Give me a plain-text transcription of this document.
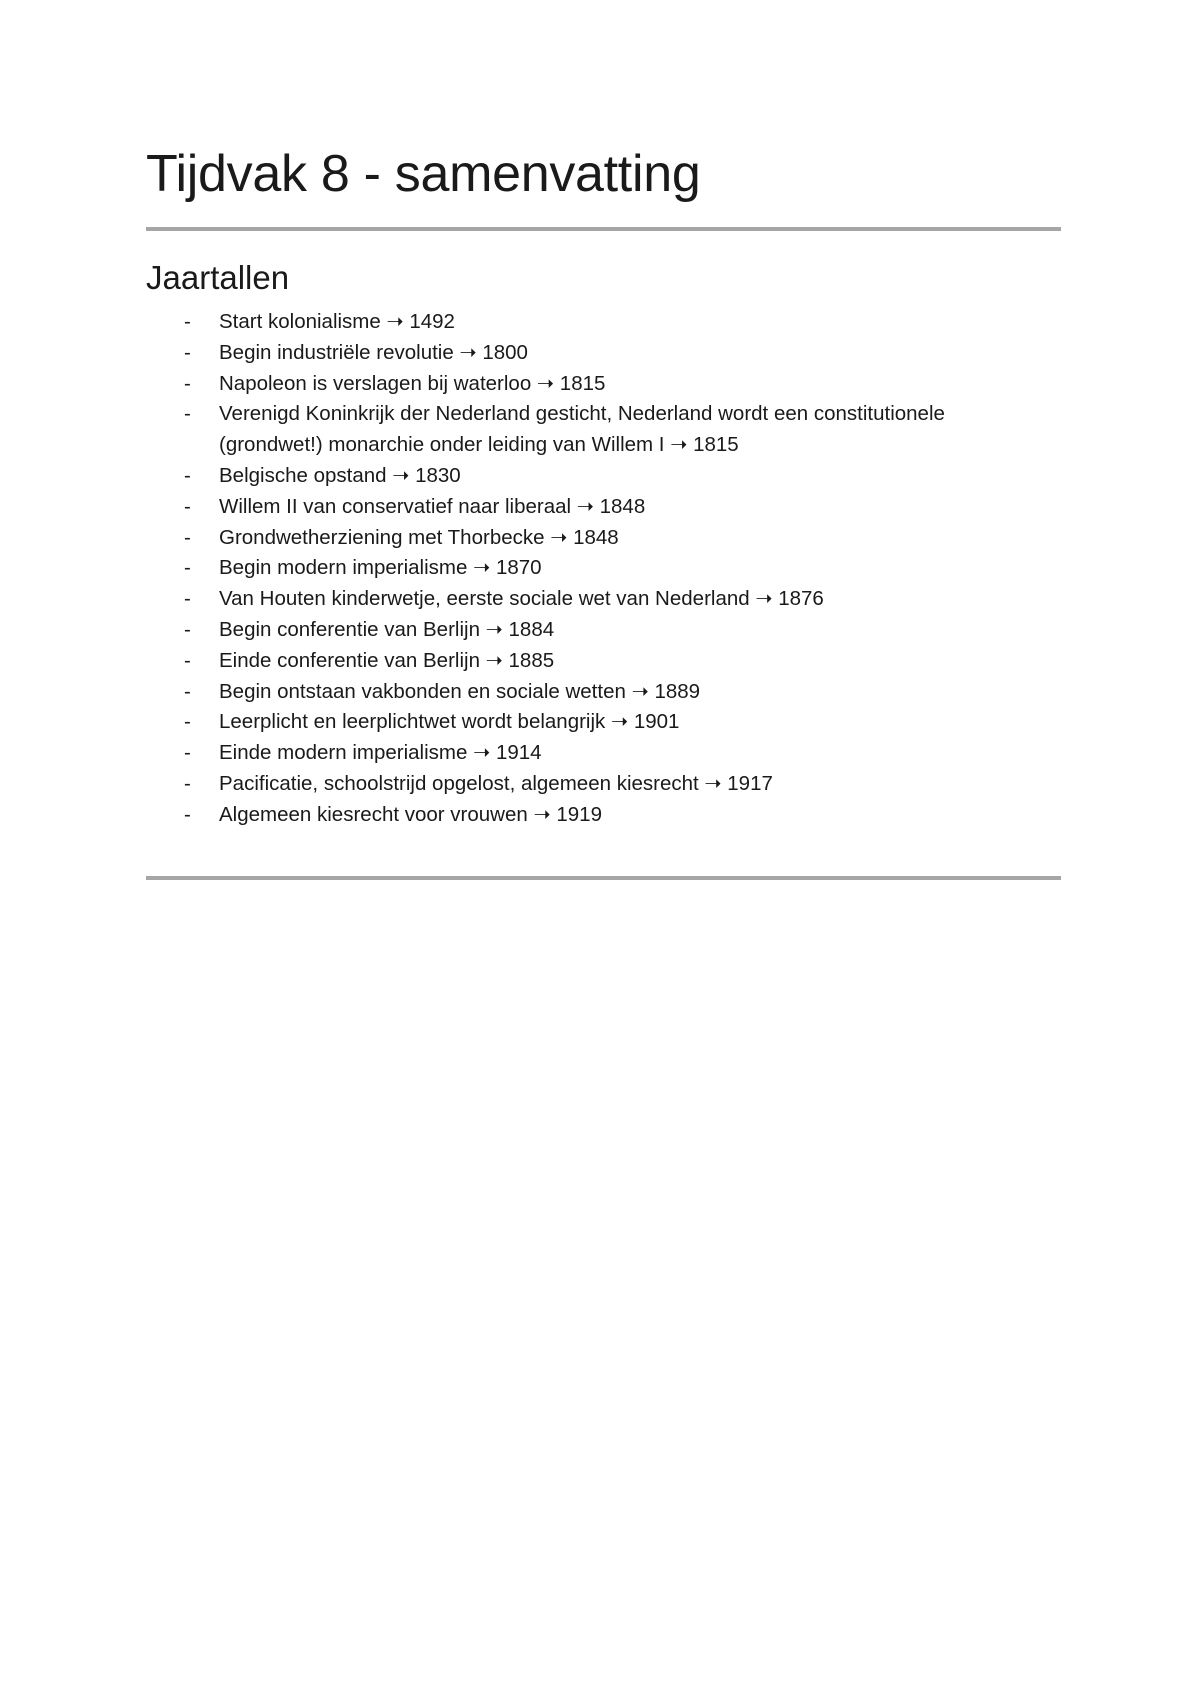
Tijdvak 8 - samenvatting
Jaartallen
- Start kolonialisme ➝ 1492
- Begin industriële revolutie ➝ 1800
- Napoleon is verslagen bij waterloo ➝ 1815
- Verenigd Koninkrijk der Nederland gesticht, Nederland wordt een constitutionele (grondwet!) monarchie onder leiding van Willem I ➝ 1815
- Belgische opstand ➝ 1830
- Willem II van conservatief naar liberaal ➝ 1848
- Grondwetherziening met Thorbecke ➝ 1848
- Begin modern imperialisme ➝ 1870
- Van Houten kinderwetje, eerste sociale wet van Nederland ➝ 1876
- Begin conferentie van Berlijn ➝ 1884
- Einde conferentie van Berlijn ➝ 1885
- Begin ontstaan vakbonden en sociale wetten ➝ 1889
- Leerplicht en leerplichtwet wordt belangrijk ➝ 1901
- Einde modern imperialisme ➝ 1914
- Pacificatie, schoolstrijd opgelost, algemeen kiesrecht ➝ 1917
- Algemeen kiesrecht voor vrouwen ➝ 1919
